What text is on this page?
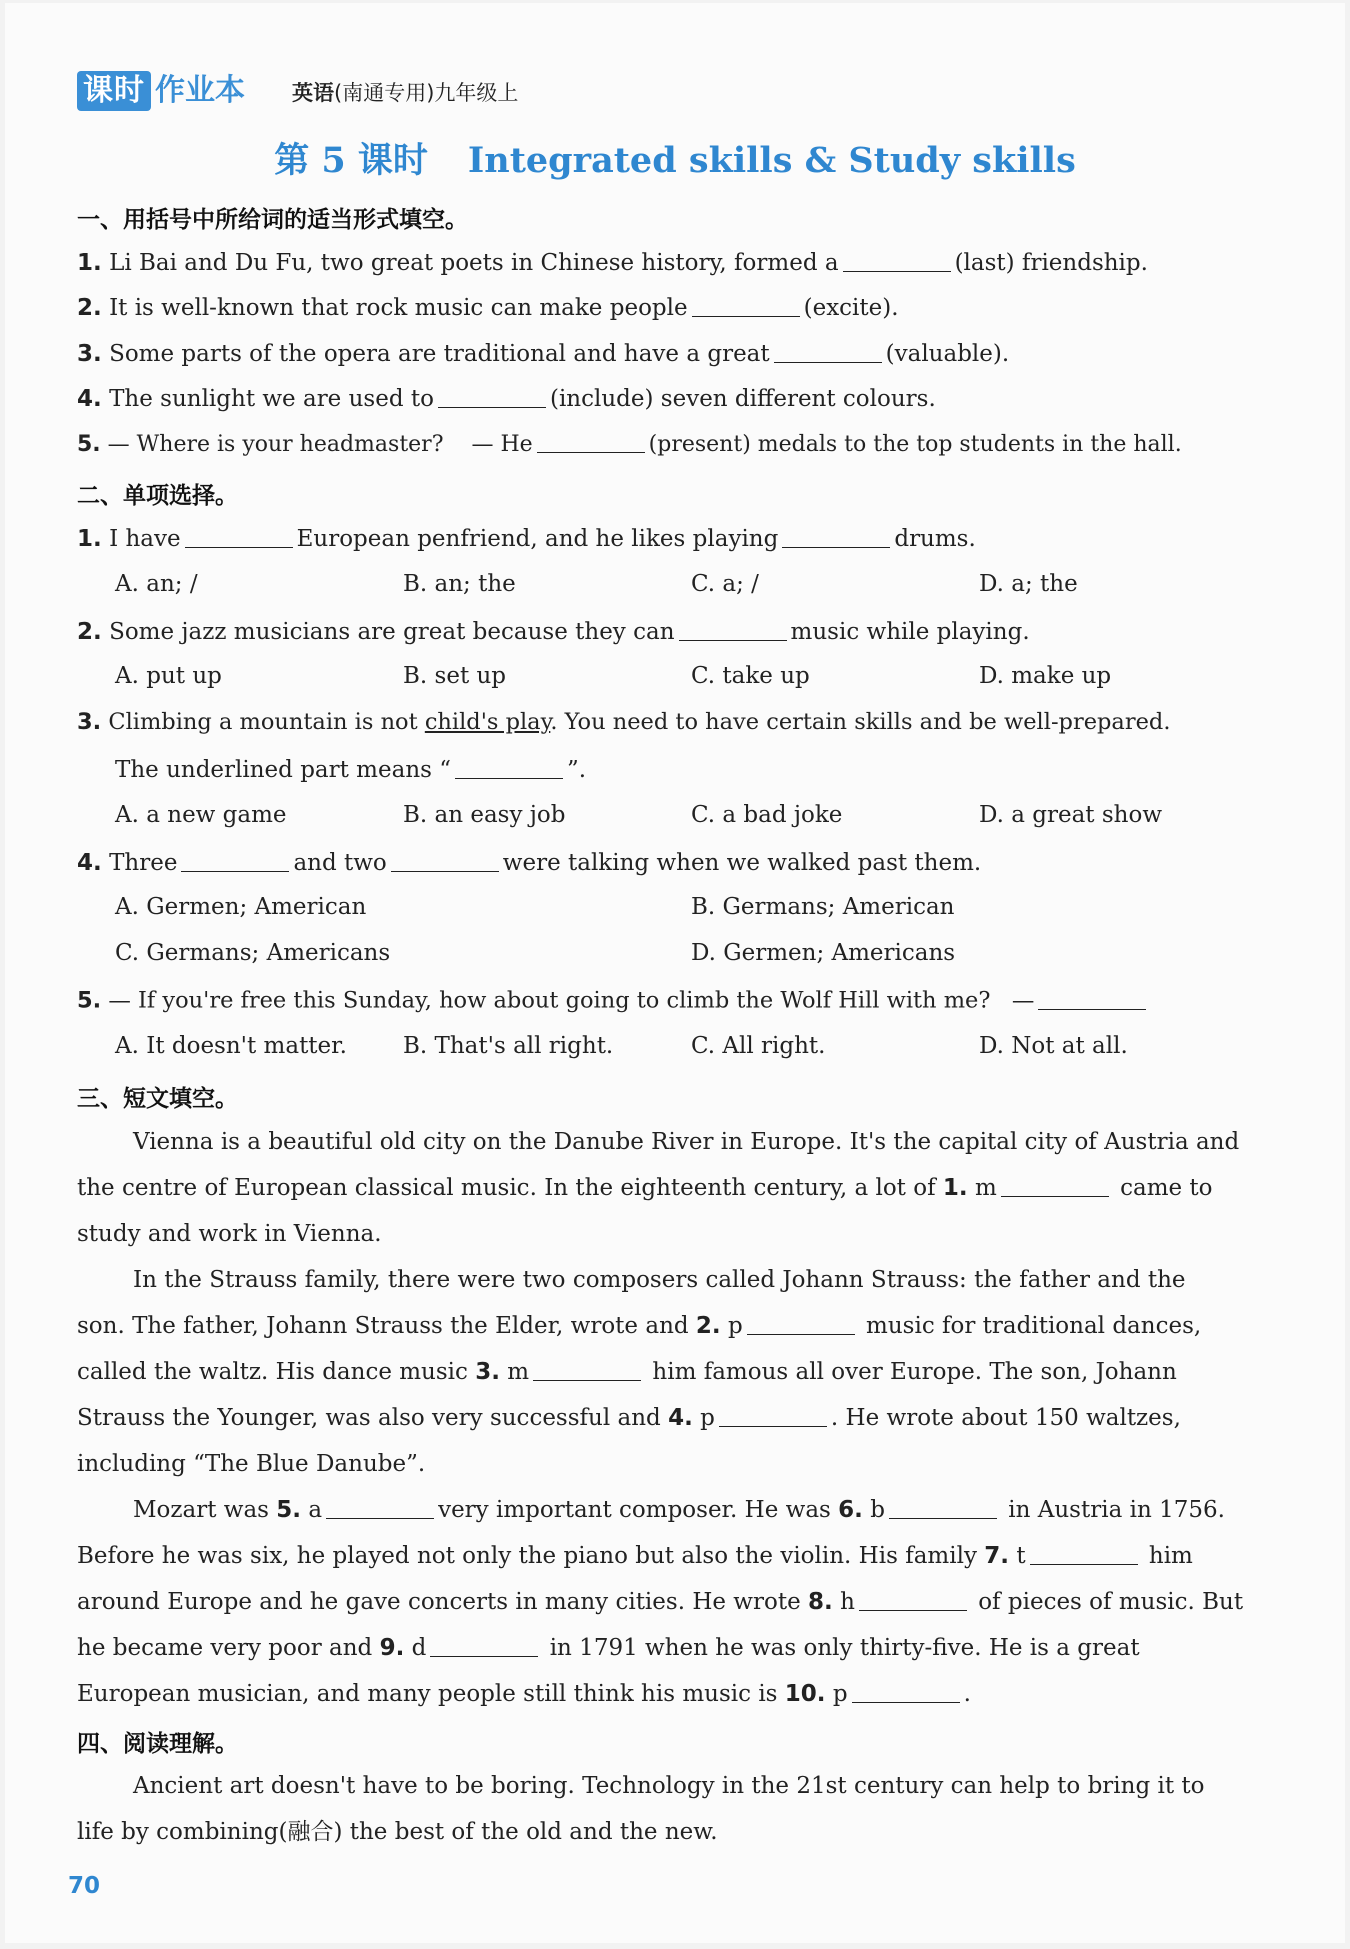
课时 作业本 英语(南通专用)九年级上
第 5 课时 Integrated skills & Study skills
一、用括号中所给词的适当形式填空。
1. Li Bai and Du Fu, two great poets in Chinese history, formed a	(last) friendship.
2. It is well-known that rock music can make people	(excite).
3. Some parts of the opera are traditional and have a great	(valuable).
4. The sunlight we are used to	(include) seven different colours.
5. — Where is your headmaster?    — He	(present) medals to the top students in the hall.
二、单项选择。
1. I have	European penfriend, and he likes playing	drums.
A. an; /	B. an; the	C. a; /	D. a; the
2. Some jazz musicians are great because they can	music while playing.
A. put up	B. set up	C. take up	D. make up
3. Climbing a mountain is not child's play. You need to have certain skills and be well-prepared.
The underlined part means “	”.
A. a new game	B. an easy job	C. a bad joke	D. a great show
4. Three	and two	were talking when we walked past them.
A. Germen; American	B. Germans; American
C. Germans; Americans	D. Germen; Americans
5. — If you're free this Sunday, how about going to climb the Wolf Hill with me? —
A. It doesn't matter. B. That's all right.	C. All right.	D. Not at all.
三、短文填空。
Vienna is a beautiful old city on the Danube River in Europe. It's the capital city of Austria and
the centre of European classical music. In the eighteenth century, a lot of 1. m	came to
study and work in Vienna.
In the Strauss family, there were two composers called Johann Strauss: the father and the
son. The father, Johann Strauss the Elder, wrote and 2. p	music for traditional dances,
called the waltz. His dance music 3. m	him famous all over Europe. The son, Johann
Strauss the Younger, was also very successful and 4. p	. He wrote about 150 waltzes,
including “The Blue Danube”.
Mozart was 5. a	very important composer. He was 6. b	in Austria in 1756.
Before he was six, he played not only the piano but also the violin. His family 7. t	him
around Europe and he gave concerts in many cities. He wrote 8. h	of pieces of music. But
he became very poor and 9. d	in 1791 when he was only thirty-five. He is a great
European musician, and many people still think his music is 10. p	.
四、阅读理解。
Ancient art doesn't have to be boring. Technology in the 21st century can help to bring it to
life by combining(融合) the best of the old and the new.
70
